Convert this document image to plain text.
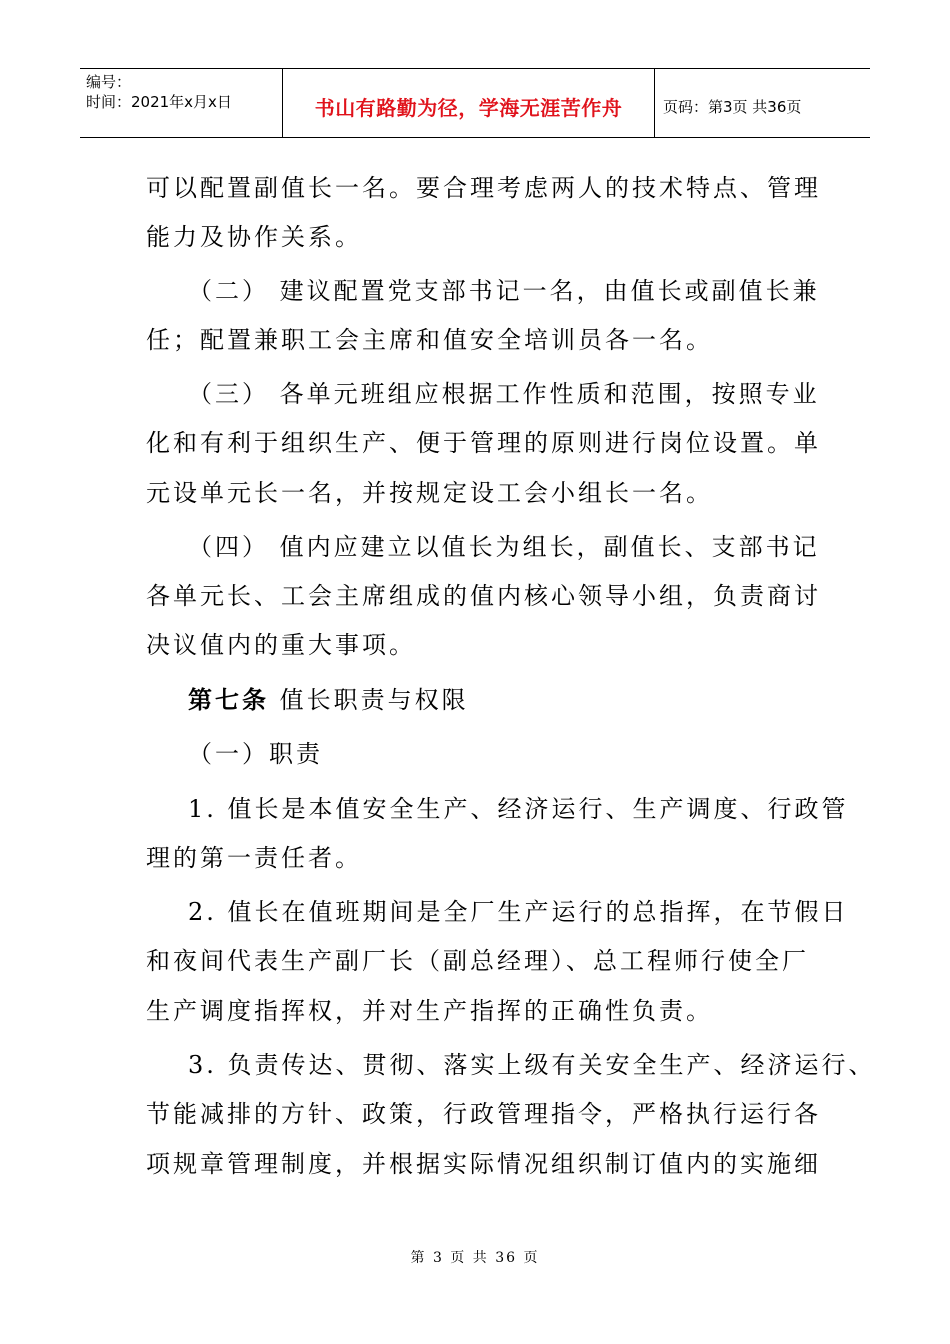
编号：
时间：2021年x月x日	书山有路勤为径，学海无涯苦作舟	页码：第3页 共36页
可以配置副值长一名。要合理考虑两人的技术特点、管理
能力及协作关系。
（二） 建议配置党支部书记一名，由值长或副值长兼
任；配置兼职工会主席和值安全培训员各一名。
（三） 各单元班组应根据工作性质和范围，按照专业
化和有利于组织生产、便于管理的原则进行岗位设置。单
元设单元长一名，并按规定设工会小组长一名。
（四） 值内应建立以值长为组长，副值长、支部书记
各单元长、工会主席组成的值内核心领导小组，负责商讨
决议值内的重大事项。
第七条 值长职责与权限
（一）职责
1. 值长是本值安全生产、经济运行、生产调度、行政管
理的第一责任者。
2. 值长在值班期间是全厂生产运行的总指挥，在节假日
和夜间代表生产副厂长（副总经理）、总工程师行使全厂
生产调度指挥权，并对生产指挥的正确性负责。
3. 负责传达、贯彻、落实上级有关安全生产、经济运行、
节能减排的方针、政策，行政管理指令，严格执行运行各
项规章管理制度，并根据实际情况组织制订值内的实施细
第 3 页 共 36 页
